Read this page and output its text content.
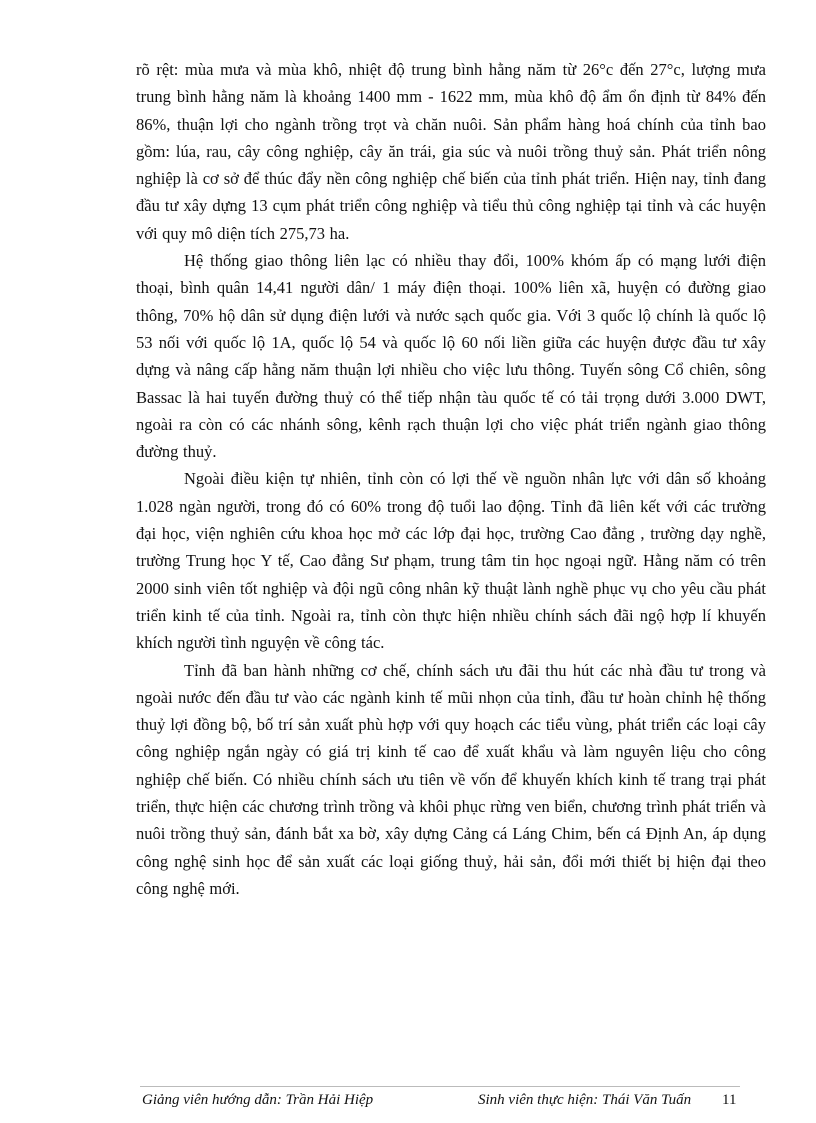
rõ rệt: mùa mưa và mùa khô, nhiệt độ trung bình hằng năm từ 26°c đến 27°c, lượng mưa trung bình hằng năm là khoảng 1400 mm - 1622 mm, mùa khô độ ẩm ổn định từ 84% đến 86%, thuận lợi cho ngành trồng trọt và chăn nuôi. Sản phẩm hàng hoá chính của tỉnh bao gồm: lúa, rau, cây công nghiệp, cây ăn trái, gia súc và nuôi trồng thuỷ sản. Phát triển nông nghiệp là cơ sở để thúc đẩy nền công nghiệp chế biến của tỉnh phát triển. Hiện nay, tỉnh đang đầu tư xây dựng 13 cụm phát triển công nghiệp và tiểu thủ công nghiệp tại tỉnh và các huyện với quy mô diện tích 275,73 ha.

Hệ thống giao thông liên lạc có nhiều thay đổi, 100% khóm ấp có mạng lưới điện thoại, bình quân 14,41 người dân/ 1 máy điện thoại. 100% liên xã, huyện có đường giao thông, 70% hộ dân sử dụng điện lưới và nước sạch quốc gia. Với 3 quốc lộ chính là quốc lộ 53 nối với quốc lộ 1A, quốc lộ 54 và quốc lộ 60 nối liền giữa các huyện được đầu tư xây dựng và nâng cấp hằng năm thuận lợi nhiều cho việc lưu thông. Tuyến sông Cổ chiên, sông Bassac là hai tuyến đường thuỷ có thể tiếp nhận tàu quốc tế có tải trọng dưới 3.000 DWT, ngoài ra còn có các nhánh sông, kênh rạch thuận lợi cho việc phát triển ngành giao thông đường thuỷ.

Ngoài điều kiện tự nhiên, tỉnh còn có lợi thế về nguồn nhân lực với dân số khoảng 1.028 ngàn người, trong đó có 60% trong độ tuổi lao động. Tỉnh đã liên kết với các trường đại học, viện nghiên cứu khoa học mở các lớp đại học, trường Cao đẳng , trường dạy nghề, trường Trung học Y tế, Cao đẳng Sư phạm, trung tâm tin học ngoại ngữ. Hằng năm có trên 2000 sinh viên tốt nghiệp và đội ngũ công nhân kỹ thuật lành nghề phục vụ cho yêu cầu phát triển kinh tế của tỉnh. Ngoài ra, tỉnh còn thực hiện nhiều chính sách đãi ngộ hợp lí khuyến khích người tình nguyện về công tác.

Tỉnh đã ban hành những cơ chế, chính sách ưu đãi thu hút các nhà đầu tư trong và ngoài nước đến đầu tư vào các ngành kinh tế mũi nhọn của tỉnh, đầu tư hoàn chỉnh hệ thống thuỷ lợi đồng bộ, bố trí sản xuất phù hợp với quy hoạch các tiểu vùng, phát triển các loại cây công nghiệp ngắn ngày có giá trị kinh tế cao để xuất khẩu và làm nguyên liệu cho công nghiệp chế biến. Có nhiều chính sách ưu tiên về vốn để khuyến khích kinh tế trang trại phát triển, thực hiện các chương trình trồng và khôi phục rừng ven biển, chương trình phát triển và nuôi trồng thuỷ sản, đánh bắt xa bờ, xây dựng Cảng cá Láng Chim, bến cá Định An, áp dụng công nghệ sinh học để sản xuất các loại giống thuỷ, hải sản, đổi mới thiết bị hiện đại theo công nghệ mới.

Giảng viên hướng dẫn: Trần Hải Hiệp	Sinh viên thực hiện: Thái Văn Tuấn 11
